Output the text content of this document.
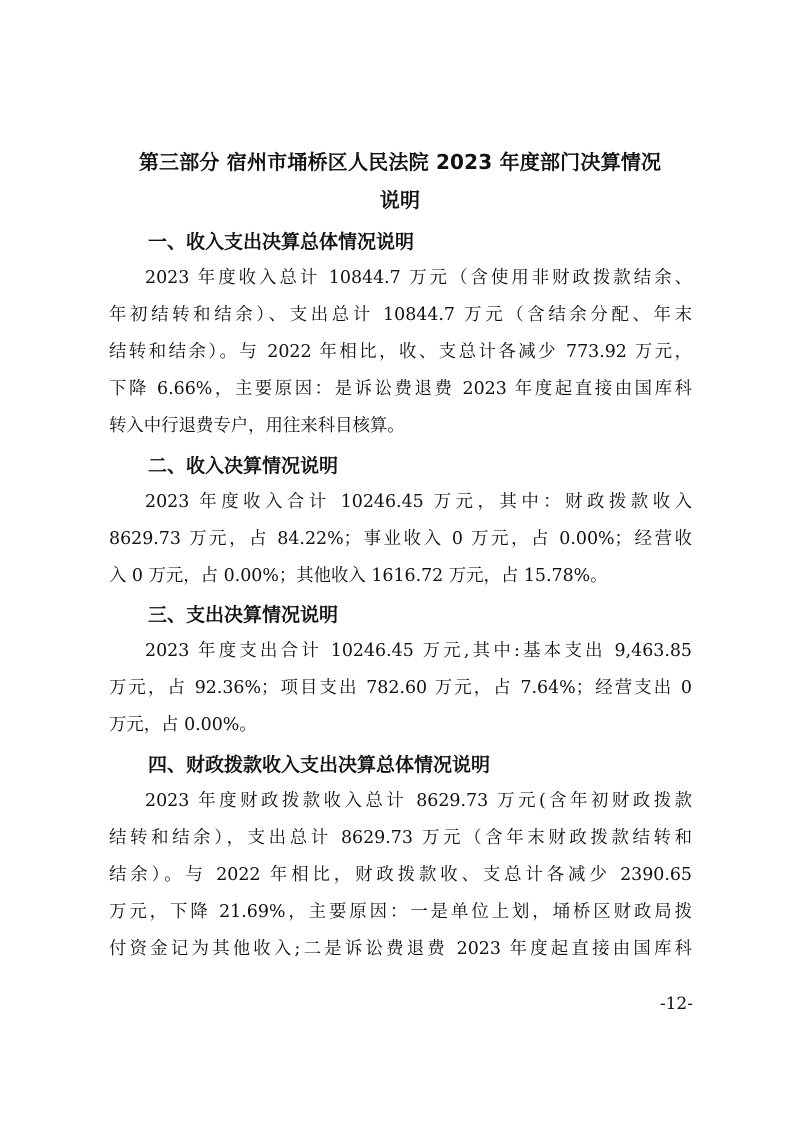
第三部分 宿州市埇桥区人民法院 2023 年度部门决算情况
说明
一、收入支出决算总体情况说明
2023 年度收入总计 10844.7 万元（含使用非财政拨款结余、
年初结转和结余）、支出总计 10844.7 万元（含结余分配、年末
结转和结余）。与 2022 年相比，收、支总计各减少 773.92 万元，
下降 6.66%，主要原因：是诉讼费退费 2023 年度起直接由国库科
转入中行退费专户，用往来科目核算。
二、收入决算情况说明
2023 年度收入合计 10246.45 万元，其中：财政拨款收入
8629.73 万元，占 84.22%；事业收入 0 万元，占 0.00%；经营收
入 0 万元，占 0.00%；其他收入 1616.72 万元，占 15.78%。
三、支出决算情况说明
2023 年度支出合计 10246.45 万元,其中:基本支出 9,463.85
万元，占 92.36%；项目支出 782.60 万元，占 7.64%；经营支出 0
万元，占 0.00%。
四、财政拨款收入支出决算总体情况说明
2023 年度财政拨款收入总计 8629.73 万元(含年初财政拨款
结转和结余），支出总计 8629.73 万元（含年末财政拨款结转和
结余）。与 2022 年相比，财政拨款收、支总计各减少 2390.65
万元，下降 21.69%，主要原因：一是单位上划，埇桥区财政局拨
付资金记为其他收入;二是诉讼费退费 2023 年度起直接由国库科
-12-
